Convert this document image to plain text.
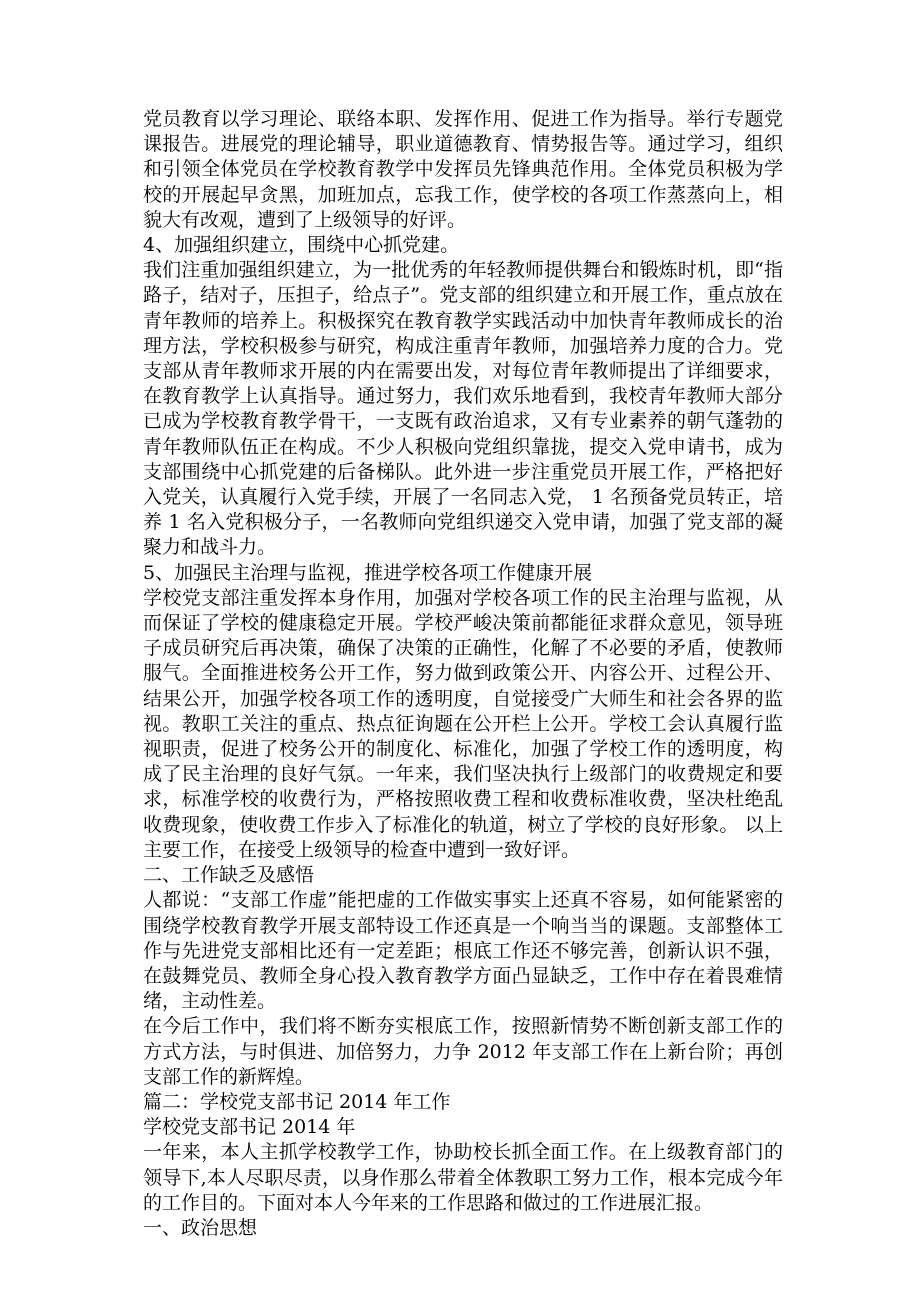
党员教育以学习理论、联络本职、发挥作用、促进工作为指导。举行专题党课报告。进展党的理论辅导，职业道德教育、情势报告等。通过学习，组织和引领全体党员在学校教育教学中发挥员先锋典范作用。全体党员积极为学校的开展起早贪黑，加班加点，忘我工作，使学校的各项工作蒸蒸向上，相貌大有改观，遭到了上级领导的好评。

4、加强组织建立，围绕中心抓党建。

我们注重加强组织建立，为一批优秀的年轻教师提供舞台和锻炼时机，即“指路子，结对子，压担子，给点子”。党支部的组织建立和开展工作，重点放在青年教师的培养上。积极探究在教育教学实践活动中加快青年教师成长的治理方法，学校积极参与研究，构成注重青年教师，加强培养力度的合力。党支部从青年教师求开展的内在需要出发，对每位青年教师提出了详细要求，在教育教学上认真指导。通过努力，我们欢乐地看到，我校青年教师大部分已成为学校教育教学骨干，一支既有政治追求，又有专业素养的朝气蓬勃的青年教师队伍正在构成。不少人积极向党组织靠拢，提交入党申请书，成为支部围绕中心抓党建的后备梯队。此外进一步注重党员开展工作，严格把好入党关，认真履行入党手续，开展了一名同志入党， 1 名预备党员转正，培养 1 名入党积极分子，一名教师向党组织递交入党申请，加强了党支部的凝聚力和战斗力。

5、加强民主治理与监视，推进学校各项工作健康开展

学校党支部注重发挥本身作用，加强对学校各项工作的民主治理与监视，从而保证了学校的健康稳定开展。学校严峻决策前都能征求群众意见，领导班子成员研究后再决策，确保了决策的正确性，化解了不必要的矛盾，使教师服气。全面推进校务公开工作，努力做到政策公开、内容公开、过程公开、结果公开，加强学校各项工作的透明度，自觉接受广大师生和社会各界的监视。教职工关注的重点、热点征询题在公开栏上公开。学校工会认真履行监视职责，促进了校务公开的制度化、标准化，加强了学校工作的透明度，构成了民主治理的良好气氛。一年来，我们坚决执行上级部门的收费规定和要求，标准学校的收费行为，严格按照收费工程和收费标准收费，坚决杜绝乱收费现象，使收费工作步入了标准化的轨道，树立了学校的良好形象。 以上主要工作，在接受上级领导的检查中遭到一致好评。

二、工作缺乏及感悟

人都说：“支部工作虚”能把虚的工作做实事实上还真不容易，如何能紧密的围绕学校教育教学开展支部特设工作还真是一个响当当的课题。支部整体工作与先进党支部相比还有一定差距；根底工作还不够完善，创新认识不强，在鼓舞党员、教师全身心投入教育教学方面凸显缺乏，工作中存在着畏难情绪，主动性差。

在今后工作中，我们将不断夯实根底工作，按照新情势不断创新支部工作的方式方法，与时俱进、加倍努力，力争 2012 年支部工作在上新台阶；再创支部工作的新辉煌。

篇二：学校党支部书记 2014 年工作

学校党支部书记 2014 年

一年来，本人主抓学校教学工作，协助校长抓全面工作。在上级教育部门的领导下,本人尽职尽责，以身作那么带着全体教职工努力工作，根本完成今年的工作目的。下面对本人今年来的工作思路和做过的工作进展汇报。

一、政治思想
